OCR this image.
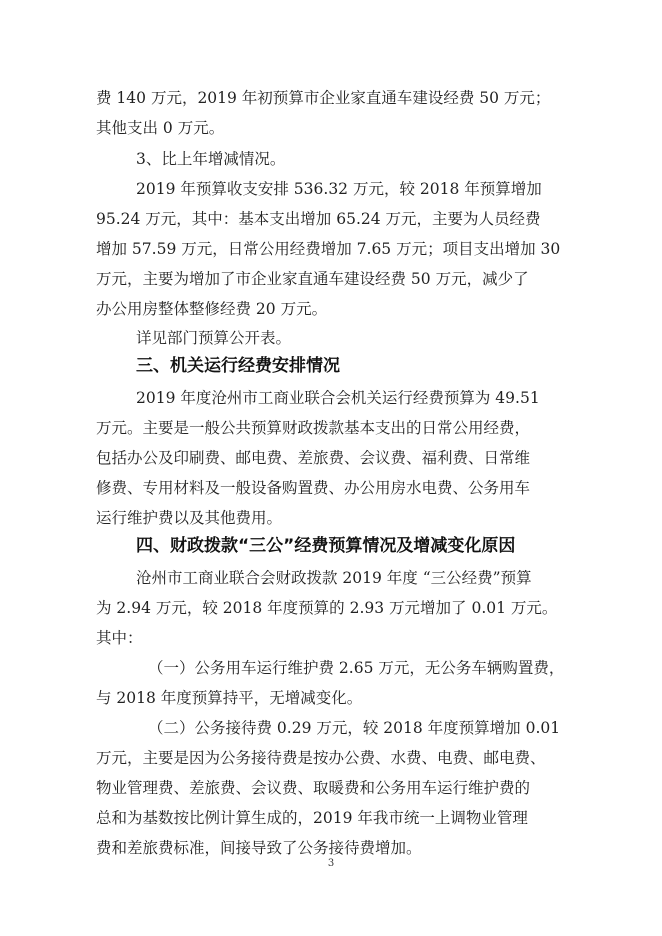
费 140 万元，2019 年初预算市企业家直通车建设经费 50 万元；
其他支出 0 万元。
3、比上年增减情况。
2019 年预算收支安排 536.32 万元，较 2018 年预算增加
95.24 万元，其中：基本支出增加 65.24 万元，主要为人员经费
增加 57.59 万元，日常公用经费增加 7.65 万元；项目支出增加 30
万元，主要为增加了市企业家直通车建设经费 50 万元，减少了
办公用房整体整修经费 20 万元。
详见部门预算公开表。
三、机关运行经费安排情况
2019 年度沧州市工商业联合会机关运行经费预算为 49.51
万元。主要是一般公共预算财政拨款基本支出的日常公用经费，
包括办公及印刷费、邮电费、差旅费、会议费、福利费、日常维
修费、专用材料及一般设备购置费、办公用房水电费、公务用车
运行维护费以及其他费用。
四、财政拨款“三公”经费预算情况及增减变化原因
沧州市工商业联合会财政拨款 2019 年度 “三公经费”预算
为 2.94 万元，较 2018 年度预算的 2.93 万元增加了 0.01 万元。
其中：
（一）公务用车运行维护费 2.65 万元，无公务车辆购置费，
与 2018 年度预算持平，无增减变化。
（二）公务接待费 0.29 万元，较 2018 年度预算增加 0.01
万元，主要是因为公务接待费是按办公费、水费、电费、邮电费、
物业管理费、差旅费、会议费、取暖费和公务用车运行维护费的
总和为基数按比例计算生成的，2019 年我市统一上调物业管理
费和差旅费标准，间接导致了公务接待费增加。
3
